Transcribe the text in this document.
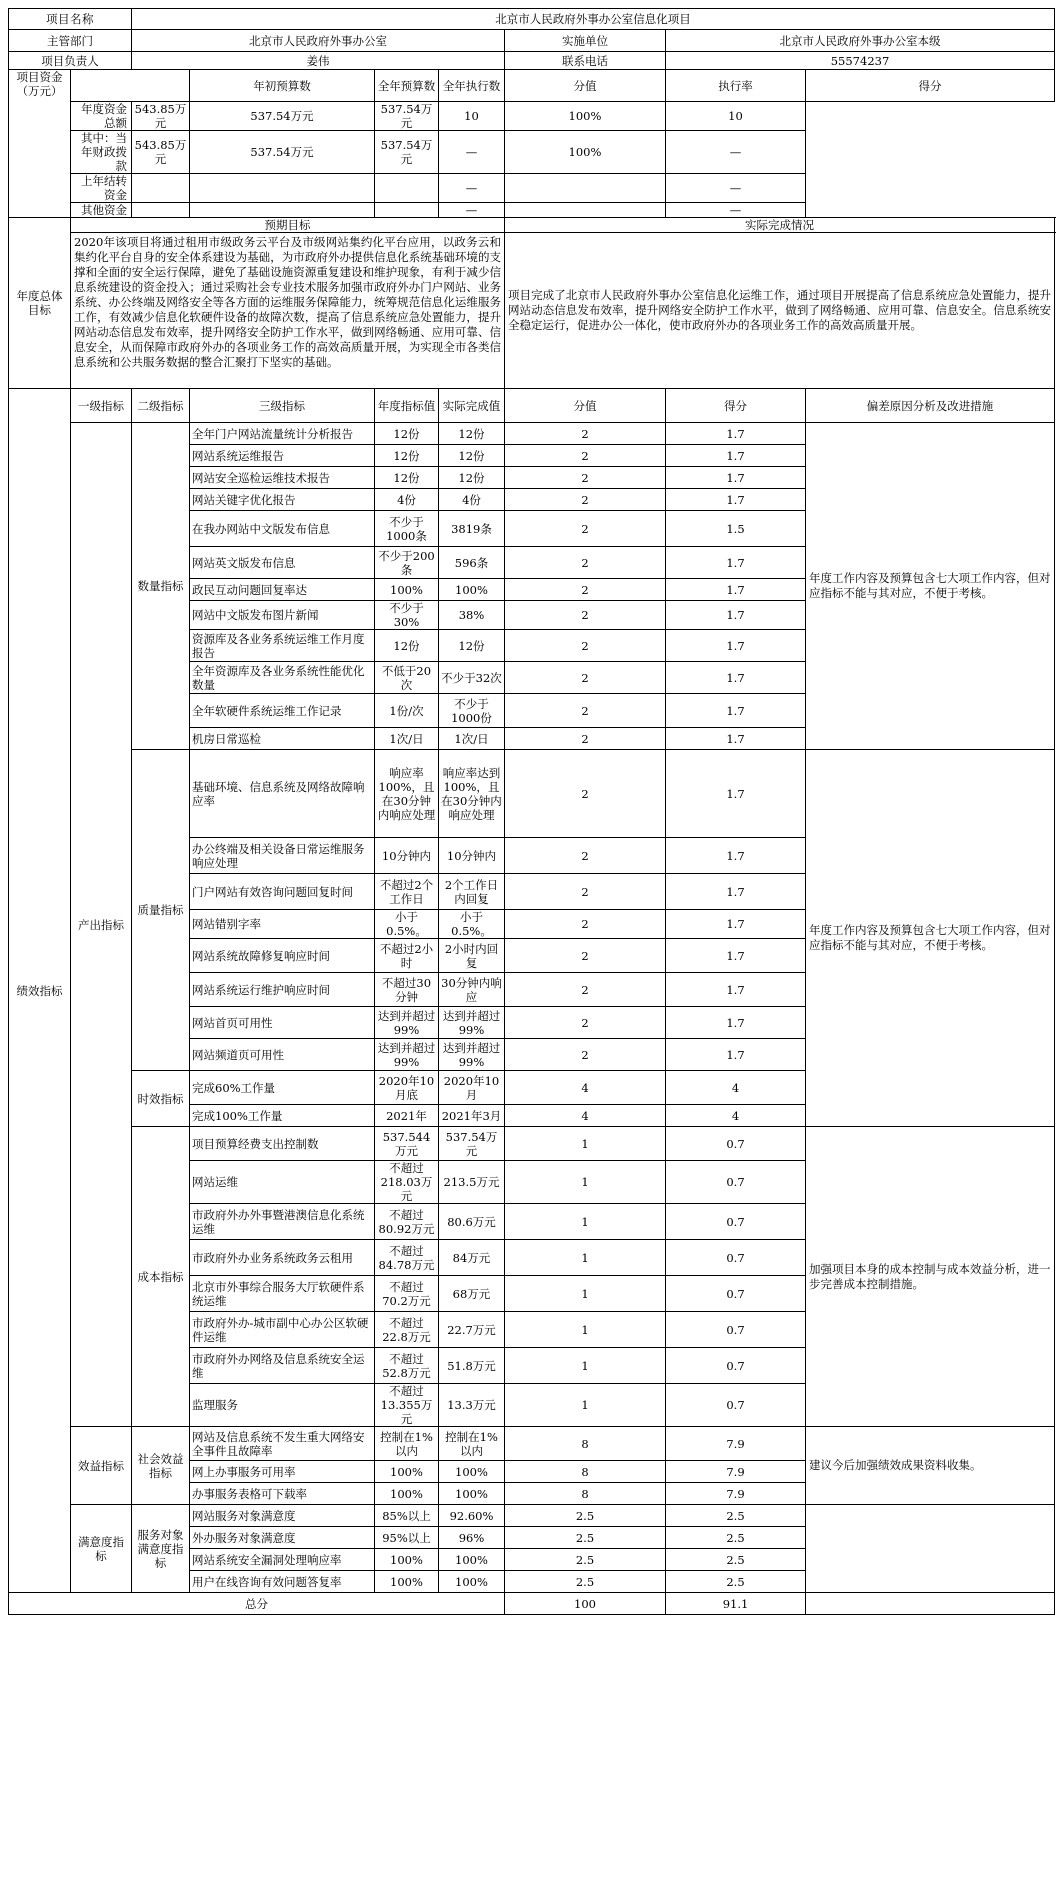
项目名称		北京市人民政府外事办公室信息化项目						
主管部门		北京市人民政府外事办公室				实施单位	北京市人民政府外事办公室本级	
项目负责人		姜伟				联系电话	55574237	
项目资金
（万元）			年初预算数	全年预算数	全年执行数	分值	执行率	得分
	年度资金总额	543.85万元	537.54万元	537.54万元	10	100%	10	
	其中：当年财政拨款	543.85万元	537.54万元	537.54万元	—	100%	—	
	上年结转资金				—		—	
	其他资金				—		—	
年度总体目标	预期目标					实际完成情况		
	2020年该项目将通过租用市级政务云平台及市级网站集约化平台应用，以政务云和集约化平台自身的安全体系建设为基础，为市政府外办提供信息化系统基础环境的支撑和全面的安全运行保障，避免了基础设施资源重复建设和维护现象，有利于减少信息系统建设的资金投入；通过采购社会专业技术服务加强市政府外办门户网站、业务系统、办公终端及网络安全等各方面的运维服务保障能力，统筹规范信息化运维服务工作，有效减少信息化软硬件设备的故障次数，提高了信息系统应急处置能力，提升网站动态信息发布效率，提升网络安全防护工作水平，做到网络畅通、应用可靠、信息安全，从而保障市政府外办的各项业务工作的高效高质量开展，为实现全市各类信息系统和公共服务数据的整合汇聚打下坚实的基础。					项目完成了北京市人民政府外事办公室信息化运维工作，通过项目开展提高了信息系统应急处置能力，提升网站动态信息发布效率，提升网络安全防护工作水平，做到了网络畅通、应用可靠、信息安全。信息系统安全稳定运行，促进办公一体化，使市政府外办的各项业务工作的高效高质量开展。		
绩效指标	一级指标	二级指标	三级指标	年度指标值	实际完成值	分值	得分	偏差原因分析及改进措施
	产出指标	数量指标	全年门户网站流量统计分析报告	12份	12份	2	1.7	年度工作内容及预算包含七大项工作内容，但对应指标不能与其对应，不便于考核。
			网站系统运维报告	12份	12份	2	1.7	
			网站安全巡检运维技术报告	12份	12份	2	1.7	
			网站关键字优化报告	4份	4份	2	1.7	
			在我办网站中文版发布信息	不少于1000条	3819条	2	1.5	
			网站英文版发布信息	不少于200条	596条	2	1.7	
			政民互动问题回复率达	100%	100%	2	1.7	
			网站中文版发布图片新闻	不少于30%	38%	2	1.7	
			资源库及各业务系统运维工作月度报告	12份	12份	2	1.7	
			全年资源库及各业务系统性能优化数量	不低于20次	不少于32次	2	1.7	
			全年软硬件系统运维工作记录	1份/次	不少于1000份	2	1.7	
			机房日常巡检	1次/日	1次/日	2	1.7	
		质量指标	基础环境、信息系统及网络故障响应率	响应率100%，且在30分钟内响应处理	响应率达到100%，且在30分钟内响应处理	2	1.7	年度工作内容及预算包含七大项工作内容，但对应指标不能与其对应，不便于考核。
			办公终端及相关设备日常运维服务响应处理	10分钟内	10分钟内	2	1.7	
			门户网站有效咨询问题回复时间	不超过2个工作日	2个工作日内回复	2	1.7	
			网站错别字率	小于0.5%。	小于0.5%。	2	1.7	
			网站系统故障修复响应时间	不超过2小时	2小时内回复	2	1.7	
			网站系统运行维护响应时间	不超过30分钟	30分钟内响应	2	1.7	
			网站首页可用性	达到并超过99%	达到并超过99%	2	1.7	
			网站频道页可用性	达到并超过99%	达到并超过99%	2	1.7	
		时效指标	完成60%工作量	2020年10月底	2020年10月	4	4	
			完成100%工作量	2021年	2021年3月	4	4	
		成本指标	项目预算经费支出控制数	537.544万元	537.54万元	1	0.7	加强项目本身的成本控制与成本效益分析，进一步完善成本控制措施。
			网站运维	不超过218.03万元	213.5万元	1	0.7	
			市政府外办外事暨港澳信息化系统运维	不超过80.92万元	80.6万元	1	0.7	
			市政府外办业务系统政务云租用	不超过84.78万元	84万元	1	0.7	
			北京市外事综合服务大厅软硬件系统运维	不超过70.2万元	68万元	1	0.7	
			市政府外办-城市副中心办公区软硬件运维	不超过22.8万元	22.7万元	1	0.7	
			市政府外办网络及信息系统安全运维	不超过52.8万元	51.8万元	1	0.7	
			监理服务	不超过13.355万元	13.3万元	1	0.7	
	效益指标	社会效益指标	网站及信息系统不发生重大网络安全事件且故障率	控制在1%以内	控制在1%以内	8	7.9	建议今后加强绩效成果资料收集。
			网上办事服务可用率	100%	100%	8	7.9	
			办事服务表格可下载率	100%	100%	8	7.9	
	满意度指标	服务对象满意度指标	网站服务对象满意度	85%以上	92.60%	2.5	2.5	
			外办服务对象满意度	95%以上	96%	2.5	2.5	
			网站系统安全漏洞处理响应率	100%	100%	2.5	2.5	
			用户在线咨询有效问题答复率	100%	100%	2.5	2.5	
总分						100	91.1	
